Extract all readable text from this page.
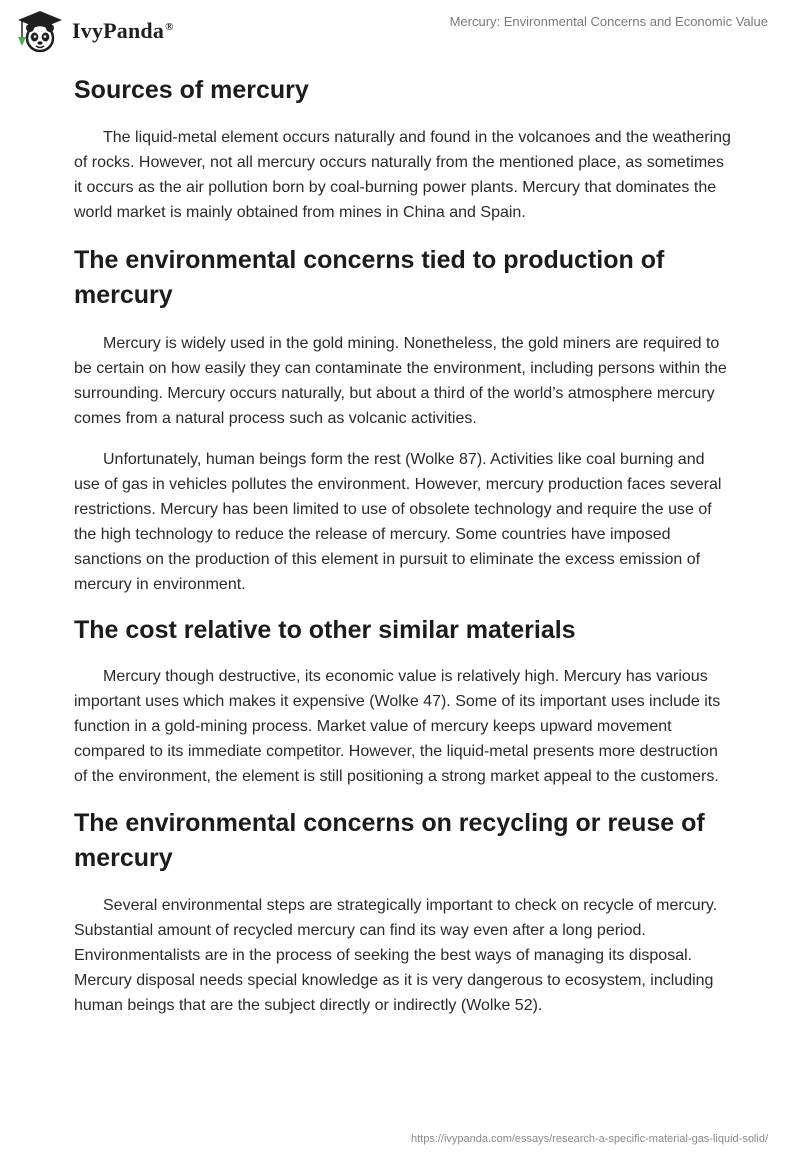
IvyPanda®	Mercury: Environmental Concerns and Economic Value
Sources of mercury

The liquid-metal element occurs naturally and found in the volcanoes and the weathering of rocks. However, not all mercury occurs naturally from the mentioned place, as sometimes it occurs as the air pollution born by coal-burning power plants. Mercury that dominates the world market is mainly obtained from mines in China and Spain.

The environmental concerns tied to production of mercury

Mercury is widely used in the gold mining. Nonetheless, the gold miners are required to be certain on how easily they can contaminate the environment, including persons within the surrounding. Mercury occurs naturally, but about a third of the world’s atmosphere mercury comes from a natural process such as volcanic activities.

Unfortunately, human beings form the rest (Wolke 87). Activities like coal burning and use of gas in vehicles pollutes the environment. However, mercury production faces several restrictions. Mercury has been limited to use of obsolete technology and require the use of the high technology to reduce the release of mercury. Some countries have imposed sanctions on the production of this element in pursuit to eliminate the excess emission of mercury in environment.

The cost relative to other similar materials

Mercury though destructive, its economic value is relatively high. Mercury has various important uses which makes it expensive (Wolke 47). Some of its important uses include its function in a gold-mining process. Market value of mercury keeps upward movement compared to its immediate competitor. However, the liquid-metal presents more destruction of the environment, the element is still positioning a strong market appeal to the customers.

The environmental concerns on recycling or reuse of mercury

Several environmental steps are strategically important to check on recycle of mercury. Substantial amount of recycled mercury can find its way even after a long period. Environmentalists are in the process of seeking the best ways of managing its disposal. Mercury disposal needs special knowledge as it is very dangerous to ecosystem, including human beings that are the subject directly or indirectly (Wolke 52).

https://ivypanda.com/essays/research-a-specific-material-gas-liquid-solid/
